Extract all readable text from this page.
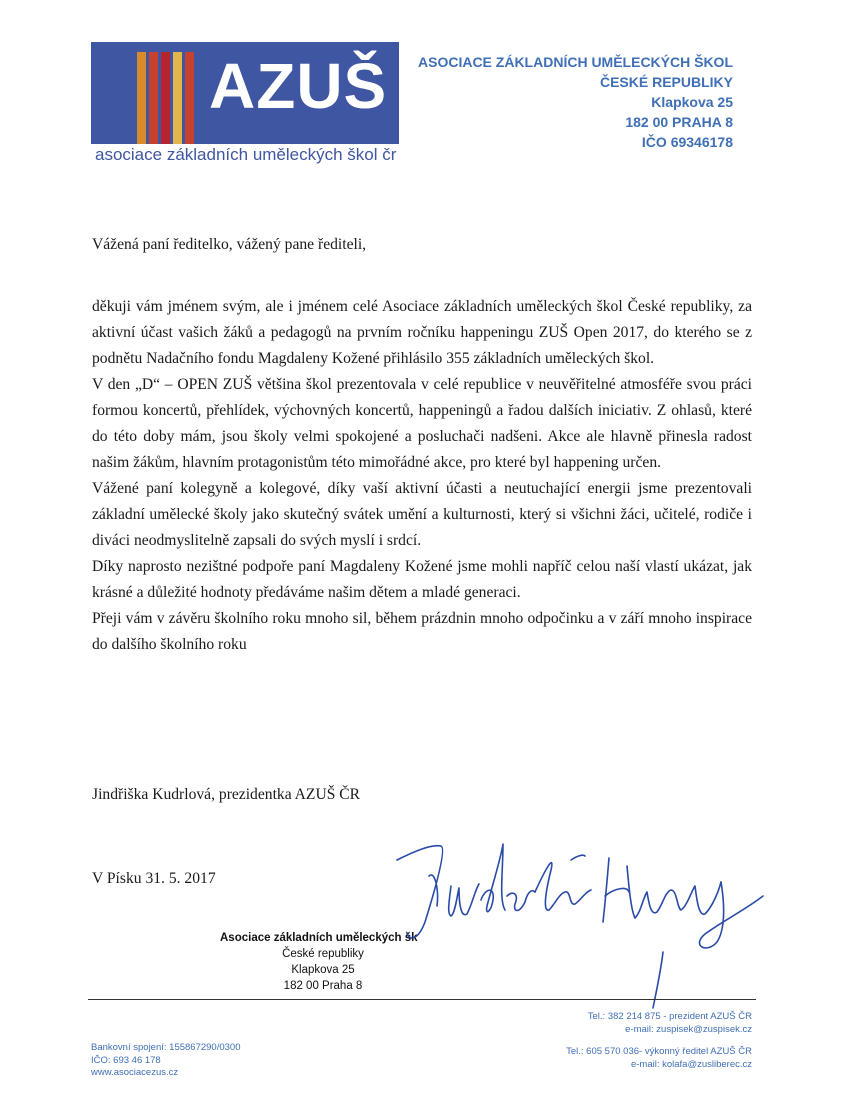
AZUŠ
asociace základních uměleckých škol čr
ASOCIACE ZÁKLADNÍCH UMĚLECKÝCH ŠKOL
ČESKÉ REPUBLIKY
Klapkova 25
182 00 PRAHA 8
IČO 69346178

Vážená paní ředitelko, vážený pane řediteli,

děkuji vám jménem svým, ale i jménem celé Asociace základních uměleckých škol České republiky, za aktivní účast vašich žáků a pedagogů na prvním ročníku happeningu ZUŠ Open 2017, do kterého se z podnětu Nadačního fondu Magdaleny Kožené přihlásilo 355 základních uměleckých škol.

V den „D“ – OPEN ZUŠ většina škol prezentovala v celé republice v neuvěřitelné atmosféře svou práci formou koncertů, přehlídek, výchovných koncertů, happeningů a řadou dalších iniciativ. Z ohlasů, které do této doby mám, jsou školy velmi spokojené a posluchači nadšeni. Akce ale hlavně přinesla radost našim žákům, hlavním protagonistům této mimořádné akce, pro které byl happening určen.

Vážené paní kolegyně a kolegové, díky vaší aktivní účasti a neutuchající energii jsme prezentovali základní umělecké školy jako skutečný svátek umění a kulturnosti, který si všichni žáci, učitelé, rodiče i diváci neodmyslitelně zapsali do svých myslí i srdcí.

Díky naprosto nezištné podpoře paní Magdaleny Kožené jsme mohli napříč celou naší vlastí ukázat, jak krásné a důležité hodnoty předáváme našim dětem a mladé generaci.

Přeji vám v závěru školního roku mnoho sil, během prázdnin mnoho odpočinku a v září mnoho inspirace do dalšího školního roku

Jindřiška Kudrlová, prezidentka AZUŠ ČR
V Písku 31. 5. 2017
Asociace základních uměleckých šk
České republiky
Klapkova 25
182 00 Praha 8
Bankovní spojení: 155867290/0300
IČO: 693 46 178
www.asociacezus.cz
Tel.: 382 214 875 - prezident AZUŠ ČR
e-mail: zuspisek@zuspisek.cz
Tel.: 605 570 036- výkonný ředitel AZUŠ ČR
e-mail: kolafa@zusliberec.cz
